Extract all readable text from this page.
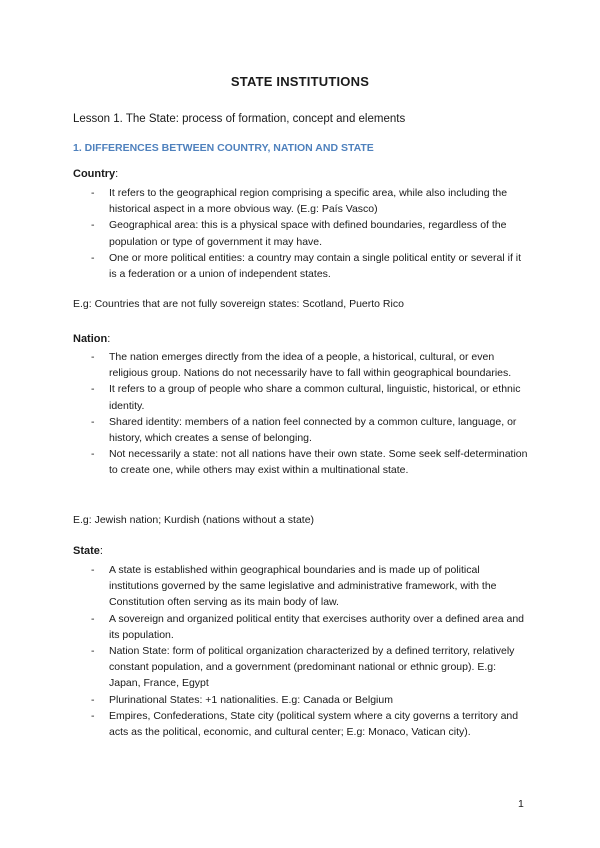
STATE INSTITUTIONS
Lesson 1. The State: process of formation, concept and elements
1. DIFFERENCES BETWEEN COUNTRY, NATION AND STATE
Country:
- It refers to the geographical region comprising a specific area, while also including the historical aspect in a more obvious way. (E.g: País Vasco)
- Geographical area: this is a physical space with defined boundaries, regardless of the population or type of government it may have.
- One or more political entities: a country may contain a single political entity or several if it is a federation or a union of independent states.
E.g: Countries that are not fully sovereign states: Scotland, Puerto Rico
Nation:
- The nation emerges directly from the idea of a people, a historical, cultural, or even religious group. Nations do not necessarily have to fall within geographical boundaries.
- It refers to a group of people who share a common cultural, linguistic, historical, or ethnic identity.
- Shared identity: members of a nation feel connected by a common culture, language, or history, which creates a sense of belonging.
- Not necessarily a state: not all nations have their own state. Some seek self-determination to create one, while others may exist within a multinational state.
E.g: Jewish nation; Kurdish (nations without a state)
State:
- A state is established within geographical boundaries and is made up of political institutions governed by the same legislative and administrative framework, with the Constitution often serving as its main body of law.
- A sovereign and organized political entity that exercises authority over a defined area and its population.
- Nation State: form of political organization characterized by a defined territory, relatively constant population, and a government (predominant national or ethnic group). E.g: Japan, France, Egypt
- Plurinational States: +1 nationalities. E.g: Canada or Belgium
- Empires, Confederations, State city (political system where a city governs a territory and acts as the political, economic, and cultural center; E.g: Monaco, Vatican city).
1
